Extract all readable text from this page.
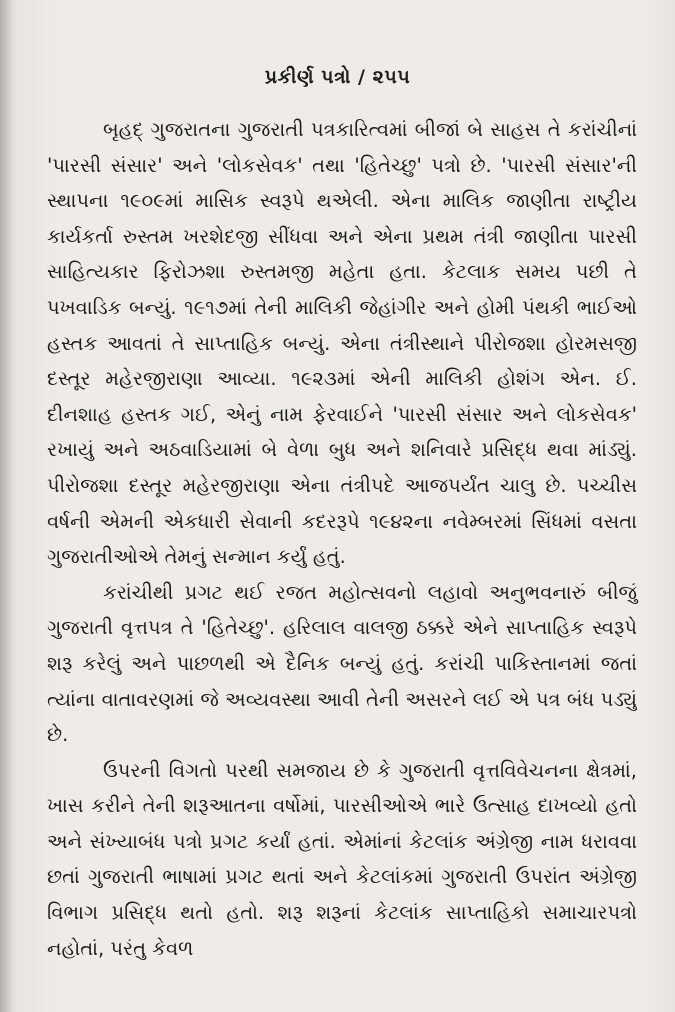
પ્રકીર્ણ પત્રો / ૨૫૫

બૃહદ્ ગુજરાતના ગુજરાતી પત્રકારિત્વમાં બીજાં બે સાહસ તે કરાંચીનાં 'પારસી સંસાર' અને 'લોકસેવક' તથા 'હિતેચ્છુ' પત્રો છે. 'પારસી સંસાર'ની સ્થાપના ૧૯૦૯માં માસિક સ્વરૂપે થએલી. એના માલિક જાણીતા રાષ્ટ્રીય કાર્યકર્તા રુસ્તમ ખરશેદજી સીંધવા અને એના પ્રથમ તંત્રી જાણીતા પારસી સાહિત્યકાર ફિરોઝશા રુસ્તમજી મહેતા હતા. કેટલાક સમય પછી તે પખવાડિક બન્યું. ૧૯૧૭માં તેની માલિકી જેહાંગીર અને હોમી પંથકી ભાઈઓ હસ્તક આવતાં તે સાપ્તાહિક બન્યું. એના તંત્રીસ્થાને પીરોજશા હોરમસજી દસ્તૂર મહેરજીરાણા આવ્યા. ૧૯૨૩માં એની માલિકી હોશંગ એન. ઈ. દીનશાહ હસ્તક ગઈ, એનું નામ ફેરવાઈને 'પારસી સંસાર અને લોકસેવક' રખાયું અને અઠવાડિયામાં બે વેળા બુધ અને શનિવારે પ્રસિદ્ધ થવા માંડ્યું. પીરોજશા દસ્તૂર મહેરજીરાણા એના તંત્રીપદે આજપર્યંત ચાલુ છે. પચ્ચીસ વર્ષની એમની એકધારી સેવાની કદરરૂપે ૧૯૪૨ના નવેમ્બરમાં સિંધમાં વસતા ગુજરાતીઓએ તેમનું સન્માન કર્યું હતું.

કરાંચીથી પ્રગટ થઈ રજત મહોત્સવનો લહાવો અનુભવનારું બીજું ગુજરાતી વૃત્તપત્ર તે 'હિતેચ્છુ'. હરિલાલ વાલજી ઠક્કરે એને સાપ્તાહિક સ્વરૂપે શરૂ કરેલું અને પાછળથી એ દૈનિક બન્યું હતું. કરાંચી પાકિસ્તાનમાં જતાં ત્યાંના વાતાવરણમાં જે અવ્યવસ્થા આવી તેની અસરને લઈ એ પત્ર બંધ પડ્યું છે.

ઉપરની વિગતો પરથી સમજાય છે કે ગુજરાતી વૃત્તવિવેચનના ક્ષેત્રમાં, ખાસ કરીને તેની શરૂઆતના વર્ષોમાં, પારસીઓએ ભારે ઉત્સાહ દાખવ્યો હતો અને સંખ્યાબંધ પત્રો પ્રગટ કર્યાં હતાં. એમાંનાં કેટલાંક અંગ્રેજી નામ ધરાવવા છતાં ગુજરાતી ભાષામાં પ્રગટ થતાં અને કેટલાંકમાં ગુજરાતી ઉપરાંત અંગ્રેજી વિભાગ પ્રસિદ્ધ થતો હતો. શરૂ શરૂનાં કેટલાંક સાપ્તાહિકો સમાચારપત્રો નહોતાં, પરંતુ કેવળ
